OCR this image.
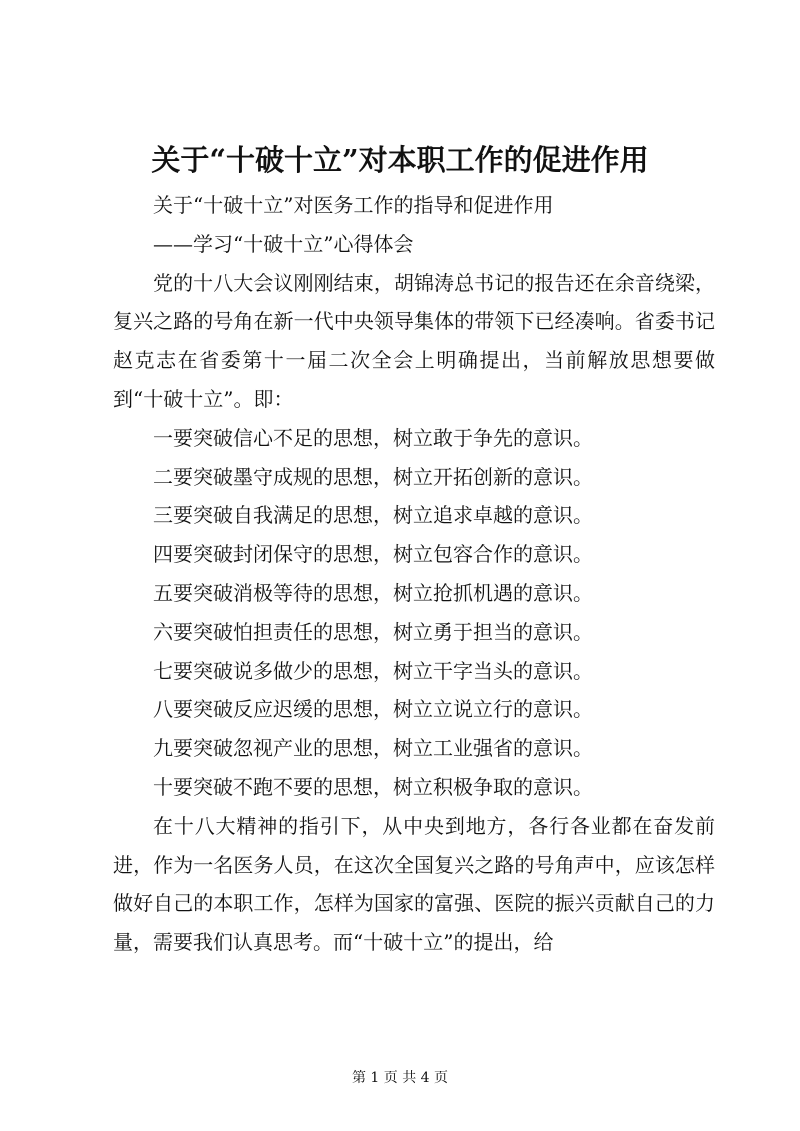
关于“十破十立”对本职工作的促进作用

关于“十破十立”对医务工作的指导和促进作用

——学习“十破十立”心得体会

党的十八大会议刚刚结束，胡锦涛总书记的报告还在余音绕梁，复兴之路的号角在新一代中央领导集体的带领下已经凑响。省委书记赵克志在省委第十一届二次全会上明确提出，当前解放思想要做到“十破十立”。即：

一要突破信心不足的思想，树立敢于争先的意识。

二要突破墨守成规的思想，树立开拓创新的意识。

三要突破自我满足的思想，树立追求卓越的意识。

四要突破封闭保守的思想，树立包容合作的意识。

五要突破消极等待的思想，树立抢抓机遇的意识。

六要突破怕担责任的思想，树立勇于担当的意识。

七要突破说多做少的思想，树立干字当头的意识。

八要突破反应迟缓的思想，树立立说立行的意识。

九要突破忽视产业的思想，树立工业强省的意识。

十要突破不跑不要的思想，树立积极争取的意识。

在十八大精神的指引下，从中央到地方，各行各业都在奋发前进，作为一名医务人员，在这次全国复兴之路的号角声中，应该怎样做好自己的本职工作，怎样为国家的富强、医院的振兴贡献自己的力量，需要我们认真思考。而“十破十立”的提出，给

第 1 页 共 4 页
